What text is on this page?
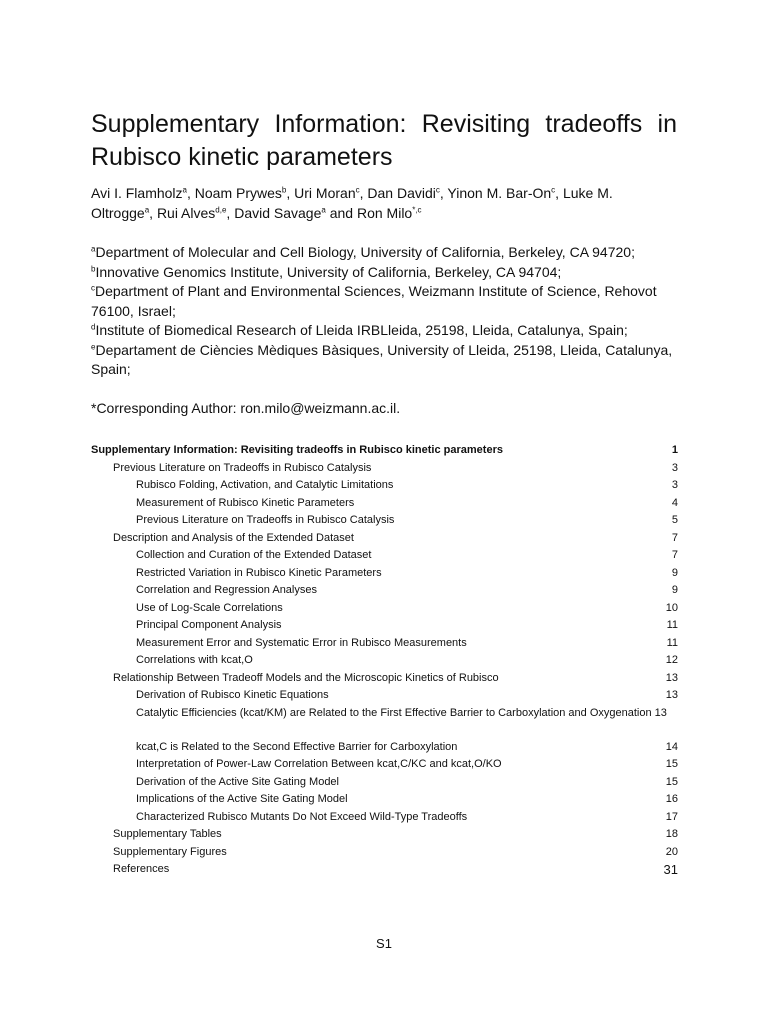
Supplementary Information: Revisiting tradeoffs in
Rubisco kinetic parameters
Avi I. Flamholz$^a$, Noam Prywes$^b$, Uri Moran$^c$, Dan Davidi$^c$, Yinon M. Bar-On$^c$, Luke M. Oltrogge$^a$, Rui Alves$^{d,e}$, David Savage$^a$ and Ron Milo$^{*,c}$
$^a$Department of Molecular and Cell Biology, University of California, Berkeley, CA 94720;
$^b$Innovative Genomics Institute, University of California, Berkeley, CA 94704;
$^c$Department of Plant and Environmental Sciences, Weizmann Institute of Science, Rehovot 76100, Israel;
$^d$Institute of Biomedical Research of Lleida IRBLleida, 25198, Lleida, Catalunya, Spain;
$^e$Departament de Ciències Mèdiques Bàsiques, University of Lleida, 25198, Lleida, Catalunya, Spain;
*Corresponding Author: ron.milo@weizmann.ac.il.
Supplementary Information: Revisiting tradeoffs in Rubisco kinetic parameters	1
Previous Literature on Tradeoffs in Rubisco Catalysis	3
Rubisco Folding, Activation, and Catalytic Limitations	3
Measurement of Rubisco Kinetic Parameters	4
Previous Literature on Tradeoffs in Rubisco Catalysis	5
Description and Analysis of the Extended Dataset	7
Collection and Curation of the Extended Dataset	7
Restricted Variation in Rubisco Kinetic Parameters	9
Correlation and Regression Analyses	9
Use of Log-Scale Correlations	10
Principal Component Analysis	11
Measurement Error and Systematic Error in Rubisco Measurements	11
Correlations with kcat,O	12
Relationship Between Tradeoff Models and the Microscopic Kinetics of Rubisco	13
Derivation of Rubisco Kinetic Equations	13
Catalytic Efficiencies (kcat/KM) are Related to the First Effective Barrier to Carboxylation and Oxygenation 13
kcat,C is Related to the Second Effective Barrier for Carboxylation	14
Interpretation of Power-Law Correlation Between kcat,C/KC and kcat,O/KO	15
Derivation of the Active Site Gating Model	15
Implications of the Active Site Gating Model	16
Characterized Rubisco Mutants Do Not Exceed Wild-Type Tradeoffs	17
Supplementary Tables	18
Supplementary Figures	20
References	31
S1
